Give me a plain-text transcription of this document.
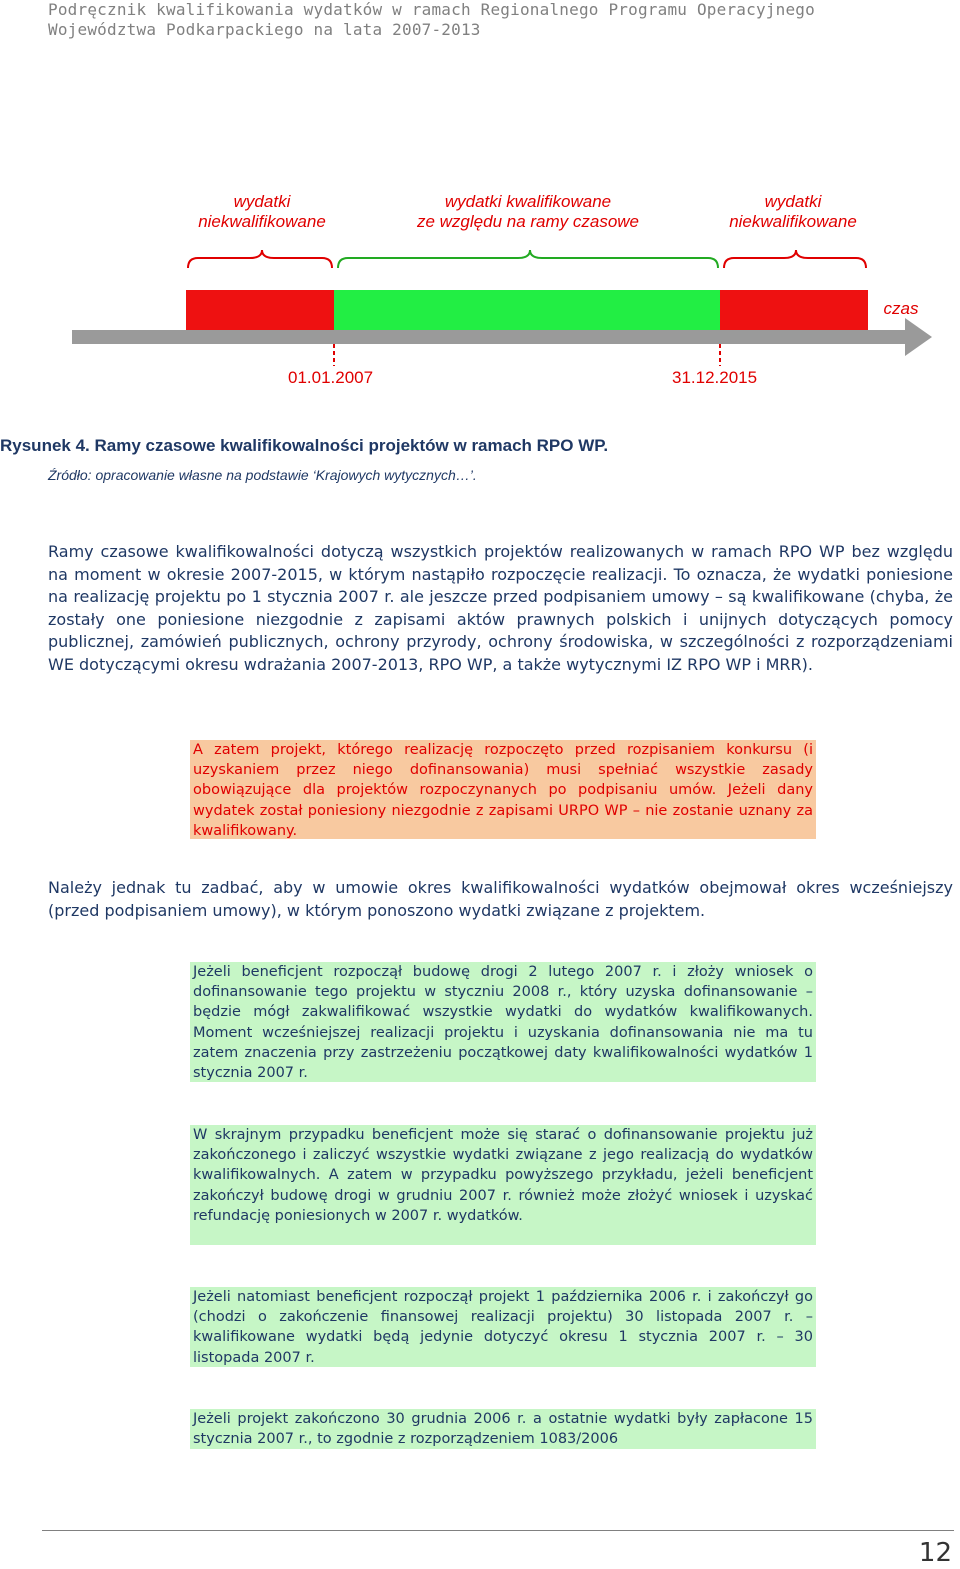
Podręcznik kwalifikowania wydatków w ramach Regionalnego Programu Operacyjnego
Województwa Podkarpackiego na lata 2007-2013
wydatki
niekwalifikowane
wydatki kwalifikowane
ze względu na ramy czasowe
wydatki
niekwalifikowane
czas
01.01.2007	31.12.2015
Rysunek 4. Ramy czasowe kwalifikowalności projektów w ramach RPO WP.
Źródło: opracowanie własne na podstawie ‘Krajowych wytycznych…’.
Ramy czasowe kwalifikowalności dotyczą wszystkich projektów realizowanych w ramach RPO WP bez względu na moment w okresie 2007-2015, w którym nastąpiło rozpoczęcie realizacji. To oznacza, że wydatki poniesione na realizację projektu po 1 stycznia 2007 r. ale jeszcze przed podpisaniem umowy – są kwalifikowane (chyba, że zostały one poniesione niezgodnie z zapisami aktów prawnych polskich i unijnych dotyczących pomocy publicznej, zamówień publicznych, ochrony przyrody, ochrony środowiska, w szczególności z rozporządzeniami WE dotyczącymi okresu wdrażania 2007-2013, RPO WP, a także wytycznymi IZ RPO WP i MRR).
A zatem projekt, którego realizację rozpoczęto przed rozpisaniem konkursu (i uzyskaniem przez niego dofinansowania) musi spełniać wszystkie zasady obowiązujące dla projektów rozpoczynanych po podpisaniu umów. Jeżeli dany wydatek został poniesiony niezgodnie z zapisami URPO WP – nie zostanie uznany za kwalifikowany.
Należy jednak tu zadbać, aby w umowie okres kwalifikowalności wydatków obejmował okres wcześniejszy (przed podpisaniem umowy), w którym ponoszono wydatki związane z projektem.
Jeżeli beneficjent rozpoczął budowę drogi 2 lutego 2007 r. i złoży wniosek o dofinansowanie tego projektu w styczniu 2008 r., który uzyska dofinansowanie – będzie mógł zakwalifikować wszystkie wydatki do wydatków kwalifikowanych. Moment wcześniejszej realizacji projektu i uzyskania dofinansowania nie ma tu zatem znaczenia przy zastrzeżeniu początkowej daty kwalifikowalności wydatków 1 stycznia 2007 r.
W skrajnym przypadku beneficjent może się starać o dofinansowanie projektu już zakończonego i zaliczyć wszystkie wydatki związane z jego realizacją do wydatków kwalifikowalnych. A zatem w przypadku powyższego przykładu, jeżeli beneficjent zakończył budowę drogi w grudniu 2007 r. również może złożyć wniosek i uzyskać refundację poniesionych w 2007 r. wydatków.
Jeżeli natomiast beneficjent rozpoczął projekt 1 października 2006 r. i zakończył go (chodzi o zakończenie finansowej realizacji projektu) 30 listopada 2007 r. – kwalifikowane wydatki będą jedynie dotyczyć okresu 1 stycznia 2007 r. – 30 listopada 2007 r.
Jeżeli projekt zakończono 30 grudnia 2006 r. a ostatnie wydatki były zapłacone 15 stycznia 2007 r., to zgodnie z rozporządzeniem 1083/2006
12
